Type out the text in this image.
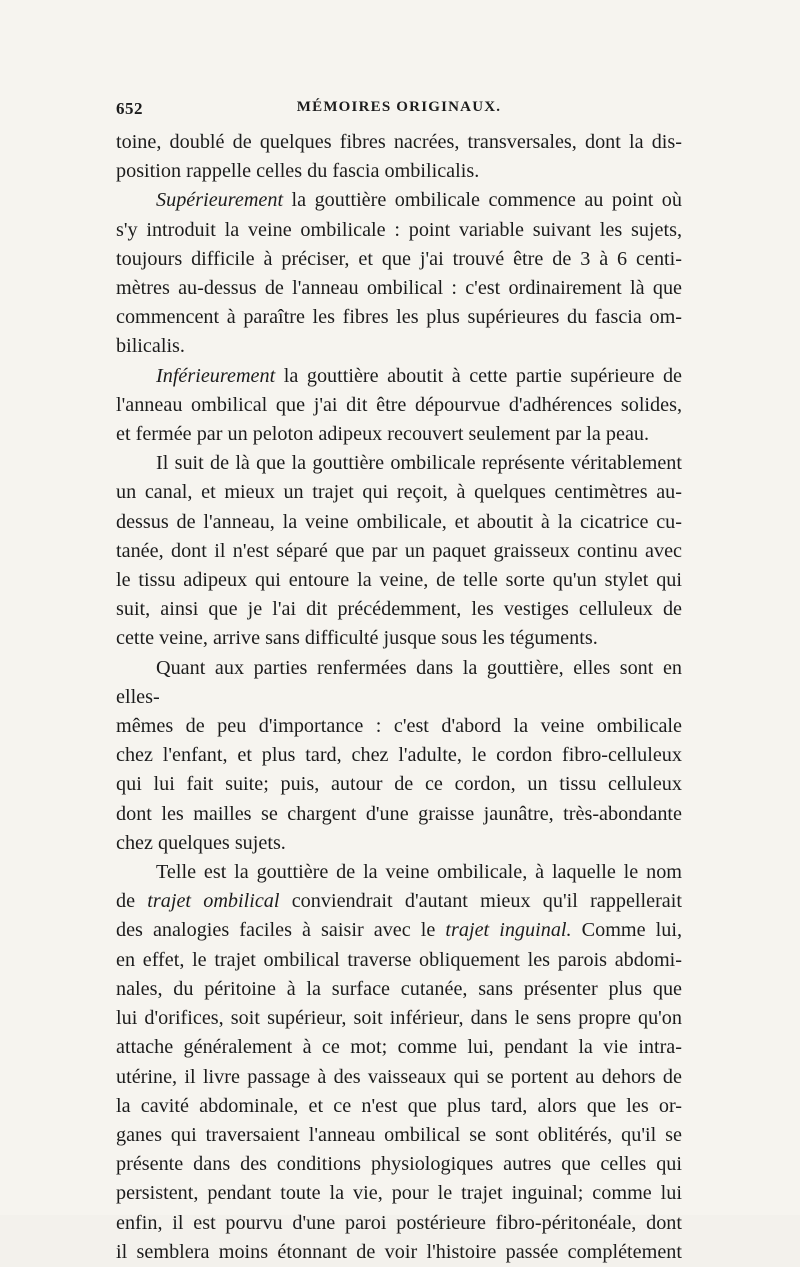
652	MÉMOIRES ORIGINAUX.

toine, doublé de quelques fibres nacrées, transversales, dont la dis-

position rappelle celles du fascia ombilicalis.

Supérieurement la gouttière ombilicale commence au point où

s'y introduit la veine ombilicale : point variable suivant les sujets,

toujours difficile à préciser, et que j'ai trouvé être de 3 à 6 centi-

mètres au-dessus de l'anneau ombilical : c'est ordinairement là que

commencent à paraître les fibres les plus supérieures du fascia om-

bilicalis.

Inférieurement la gouttière aboutit à cette partie supérieure de

l'anneau ombilical que j'ai dit être dépourvue d'adhérences solides,

et fermée par un peloton adipeux recouvert seulement par la peau.

Il suit de là que la gouttière ombilicale représente véritablement

un canal, et mieux un trajet qui reçoit, à quelques centimètres au-

dessus de l'anneau, la veine ombilicale, et aboutit à la cicatrice cu-

tanée, dont il n'est séparé que par un paquet graisseux continu avec

le tissu adipeux qui entoure la veine, de telle sorte qu'un stylet qui

suit, ainsi que je l'ai dit précédemment, les vestiges celluleux de

cette veine, arrive sans difficulté jusque sous les téguments.

Quant aux parties renfermées dans la gouttière, elles sont en elles-

mêmes de peu d'importance : c'est d'abord la veine ombilicale

chez l'enfant, et plus tard, chez l'adulte, le cordon fibro-celluleux

qui lui fait suite; puis, autour de ce cordon, un tissu celluleux

dont les mailles se chargent d'une graisse jaunâtre, très-abondante

chez quelques sujets.

Telle est la gouttière de la veine ombilicale, à laquelle le nom

de trajet ombilical conviendrait d'autant mieux qu'il rappellerait

des analogies faciles à saisir avec le trajet inguinal. Comme lui,

en effet, le trajet ombilical traverse obliquement les parois abdomi-

nales, du péritoine à la surface cutanée, sans présenter plus que

lui d'orifices, soit supérieur, soit inférieur, dans le sens propre qu'on

attache généralement à ce mot; comme lui, pendant la vie intra-

utérine, il livre passage à des vaisseaux qui se portent au dehors de

la cavité abdominale, et ce n'est que plus tard, alors que les or-

ganes qui traversaient l'anneau ombilical se sont oblitérés, qu'il se

présente dans des conditions physiologiques autres que celles qui

persistent, pendant toute la vie, pour le trajet inguinal; comme lui

enfin, il est pourvu d'une paroi postérieure fibro-péritonéale, dont

il semblera moins étonnant de voir l'histoire passée complétement
